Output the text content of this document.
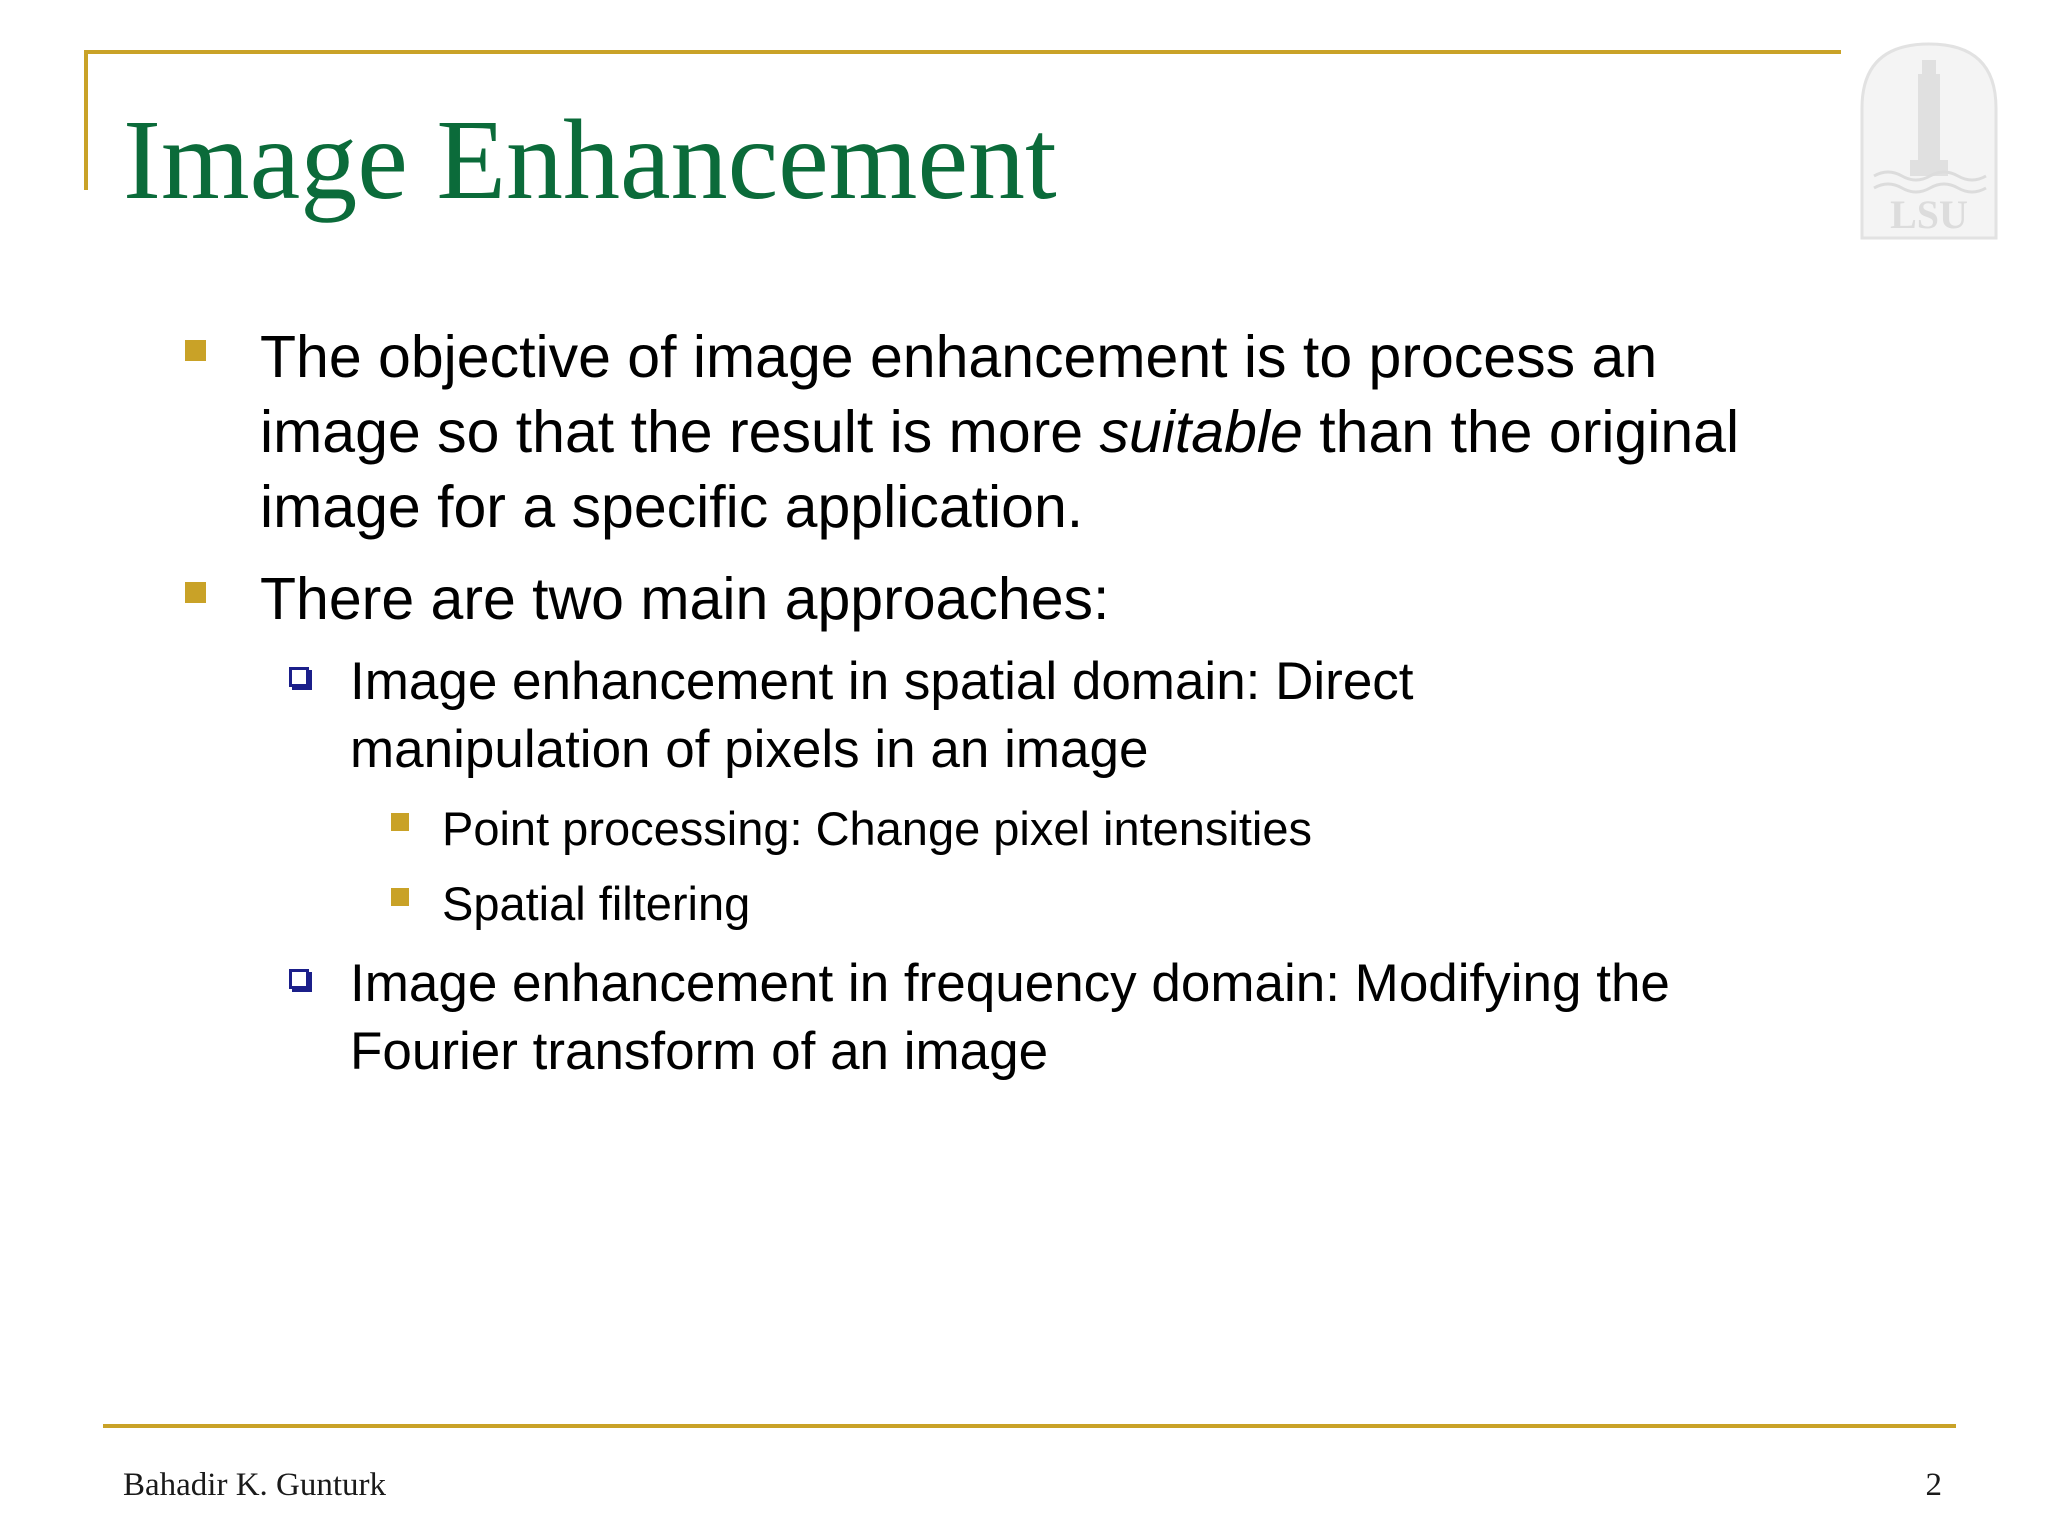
Image Enhancement	LSU
The objective of image enhancement is to process an
image so that the result is more suitable than the original
image for a specific application.
There are two main approaches:
Image enhancement in spatial domain: Direct
manipulation of pixels in an image
Point processing: Change pixel intensities
Spatial filtering
Image enhancement in frequency domain: Modifying the
Fourier transform of an image
Bahadir K. Gunturk	2
